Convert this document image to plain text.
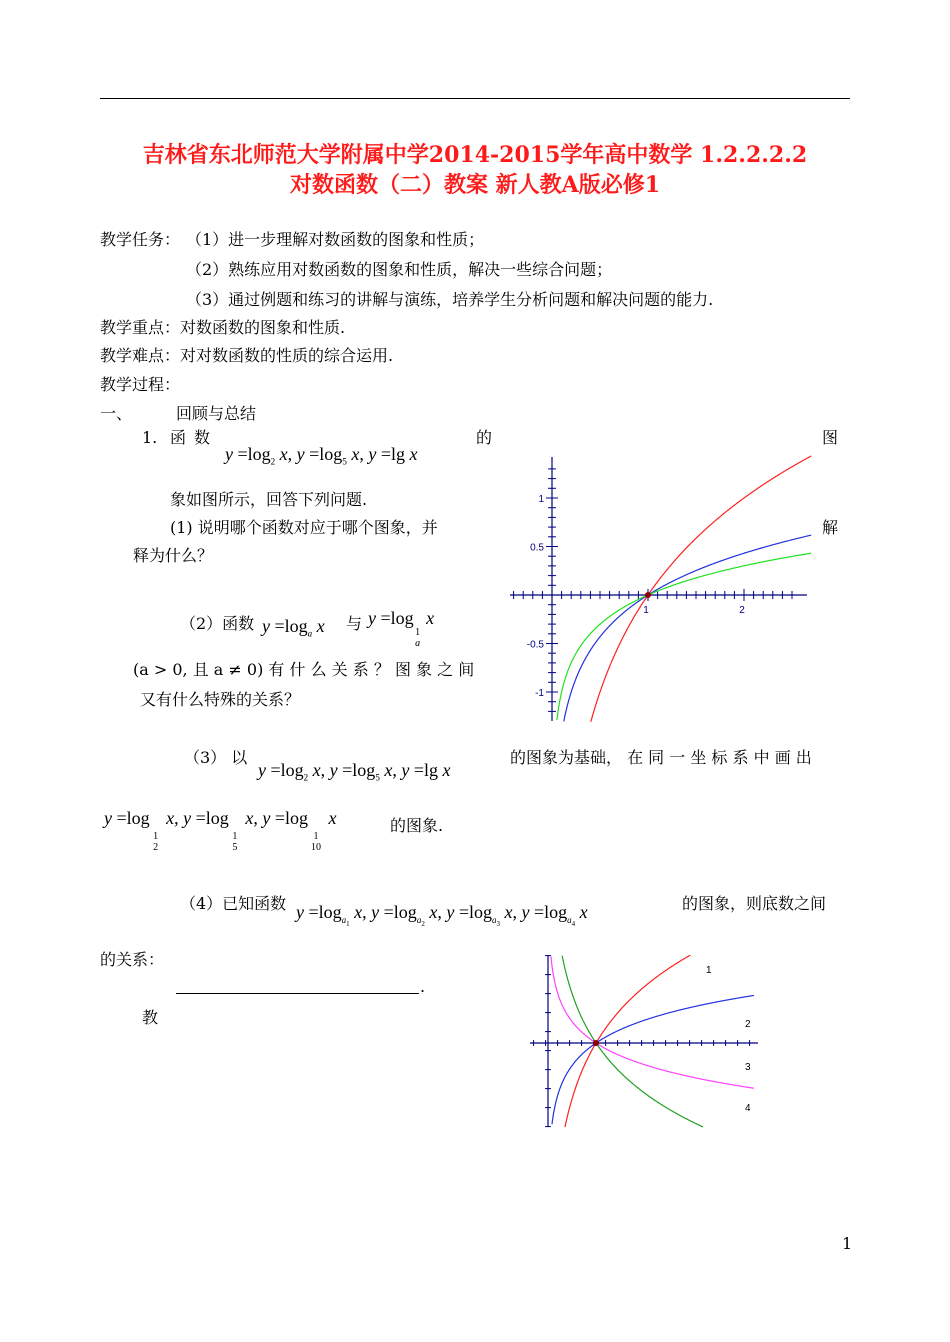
吉林省东北师范大学附属中学2014-2015学年高中数学 1.2.2.2.2
对数函数（二）教案 新人教A版必修1
教学任务： （1）进一步理解对数函数的图象和性质；
（2）熟练应用对数函数的图象和性质，解决一些综合问题；
（3）通过例题和练习的讲解与演练，培养学生分析问题和解决问题的能力.
教学重点：对数函数的图象和性质.
教学难点：对对数函数的性质的综合运用.
教学过程：
一、	回顾与总结
1. 函数	的	图
$y =\log_2$ x, $y =\log_5$ x, y =lg x
象如图所示，回答下列问题.
(1) 说明哪个函数对应于哪个图象，并	解
释为什么？
（2）函数 $y =\log_a$ x 与 y =log1
a x
(a > 0, 且 a ≠ 0) 有 什 么 关 系 ？ 图 象 之 间
又有什么特殊的关系？
（3） 以
$y =\log_2$ x, $y =\log_5$ x, y =lg x
的图象为基础， 在 同 一 坐 标 系 中 画 出
y =log1
2 x, y =log1
5 x, y =log1
10 x	的图象.
（4）已知函数 $y =\log_{a_1}$ x, $y =\log_{a_2}$ x, $y =\log_{a_3}$ x, $y =\log_{a_4}$ x	的图象，则底数之间
的关系：
.
教
1
0.5
-0.5
-1
1	2
1
2
3
4
1
